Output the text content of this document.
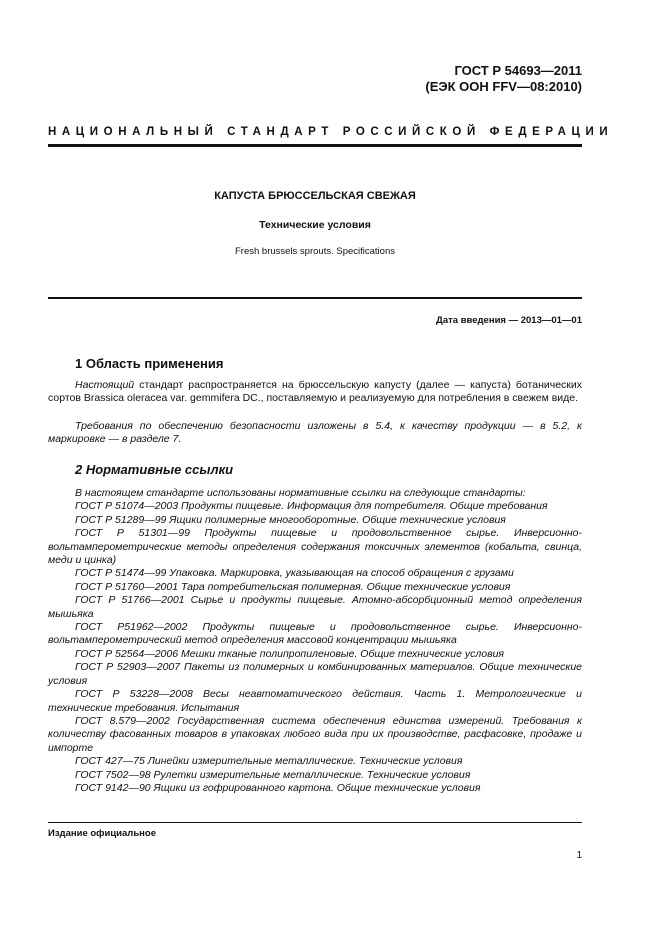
ГОСТ Р 54693—2011
(ЕЭК ООН FFV—08:2010)
НАЦИОНАЛЬНЫЙ СТАНДАРТ РОССИЙСКОЙ ФЕДЕРАЦИИ
КАПУСТА БРЮССЕЛЬСКАЯ СВЕЖАЯ
Технические условия
Fresh brussels sprouts. Specifications
Дата введения — 2013—01—01
1 Область применения
Настоящий стандарт распространяется на брюссельскую капусту (далее — капуста) ботанических сортов Brassica oleracea var. gemmifera DC., поставляемую и реализуемую для потребления в свежем виде.
Требования по обеспечению безопасности изложены в 5.4, к качеству продукции — в 5.2, к маркировке — в разделе 7.
2 Нормативные ссылки
В настоящем стандарте использованы нормативные ссылки на следующие стандарты:
ГОСТ Р 51074—2003 Продукты пищевые. Информация для потребителя. Общие требования
ГОСТ Р 51289—99 Ящики полимерные многооборотные. Общие технические условия
ГОСТ Р 51301—99 Продукты пищевые и продовольственное сырье. Инверсионно-вольтамперометрические методы определения содержания токсичных элементов (кобальта, свинца, меди и цинка)
ГОСТ Р 51474—99 Упаковка. Маркировка, указывающая на способ обращения с грузами
ГОСТ Р 51760—2001 Тара потребительская полимерная. Общие технические условия
ГОСТ Р 51766—2001 Сырье и продукты пищевые. Атомно-абсорбционный метод определения мышьяка
ГОСТ Р51962—2002 Продукты пищевые и продовольственное сырье. Инверсионно-вольтамперометрический метод определения массовой концентрации мышьяка
ГОСТ Р 52564—2006 Мешки тканые полипропиленовые. Общие технические условия
ГОСТ Р 52903—2007 Пакеты из полимерных и комбинированных материалов. Общие технические условия
ГОСТ Р 53228—2008 Весы неавтоматического действия. Часть 1. Метрологические и технические требования. Испытания
ГОСТ 8.579—2002 Государственная система обеспечения единства измерений. Требования к количеству фасованных товаров в упаковках любого вида при их производстве, расфасовке, продаже и импорте
ГОСТ 427—75 Линейки измерительные металлические. Технические условия
ГОСТ 7502—98 Рулетки измерительные металлические. Технические условия
ГОСТ 9142—90 Ящики из гофрированного картона. Общие технические условия
Издание официальное
1
